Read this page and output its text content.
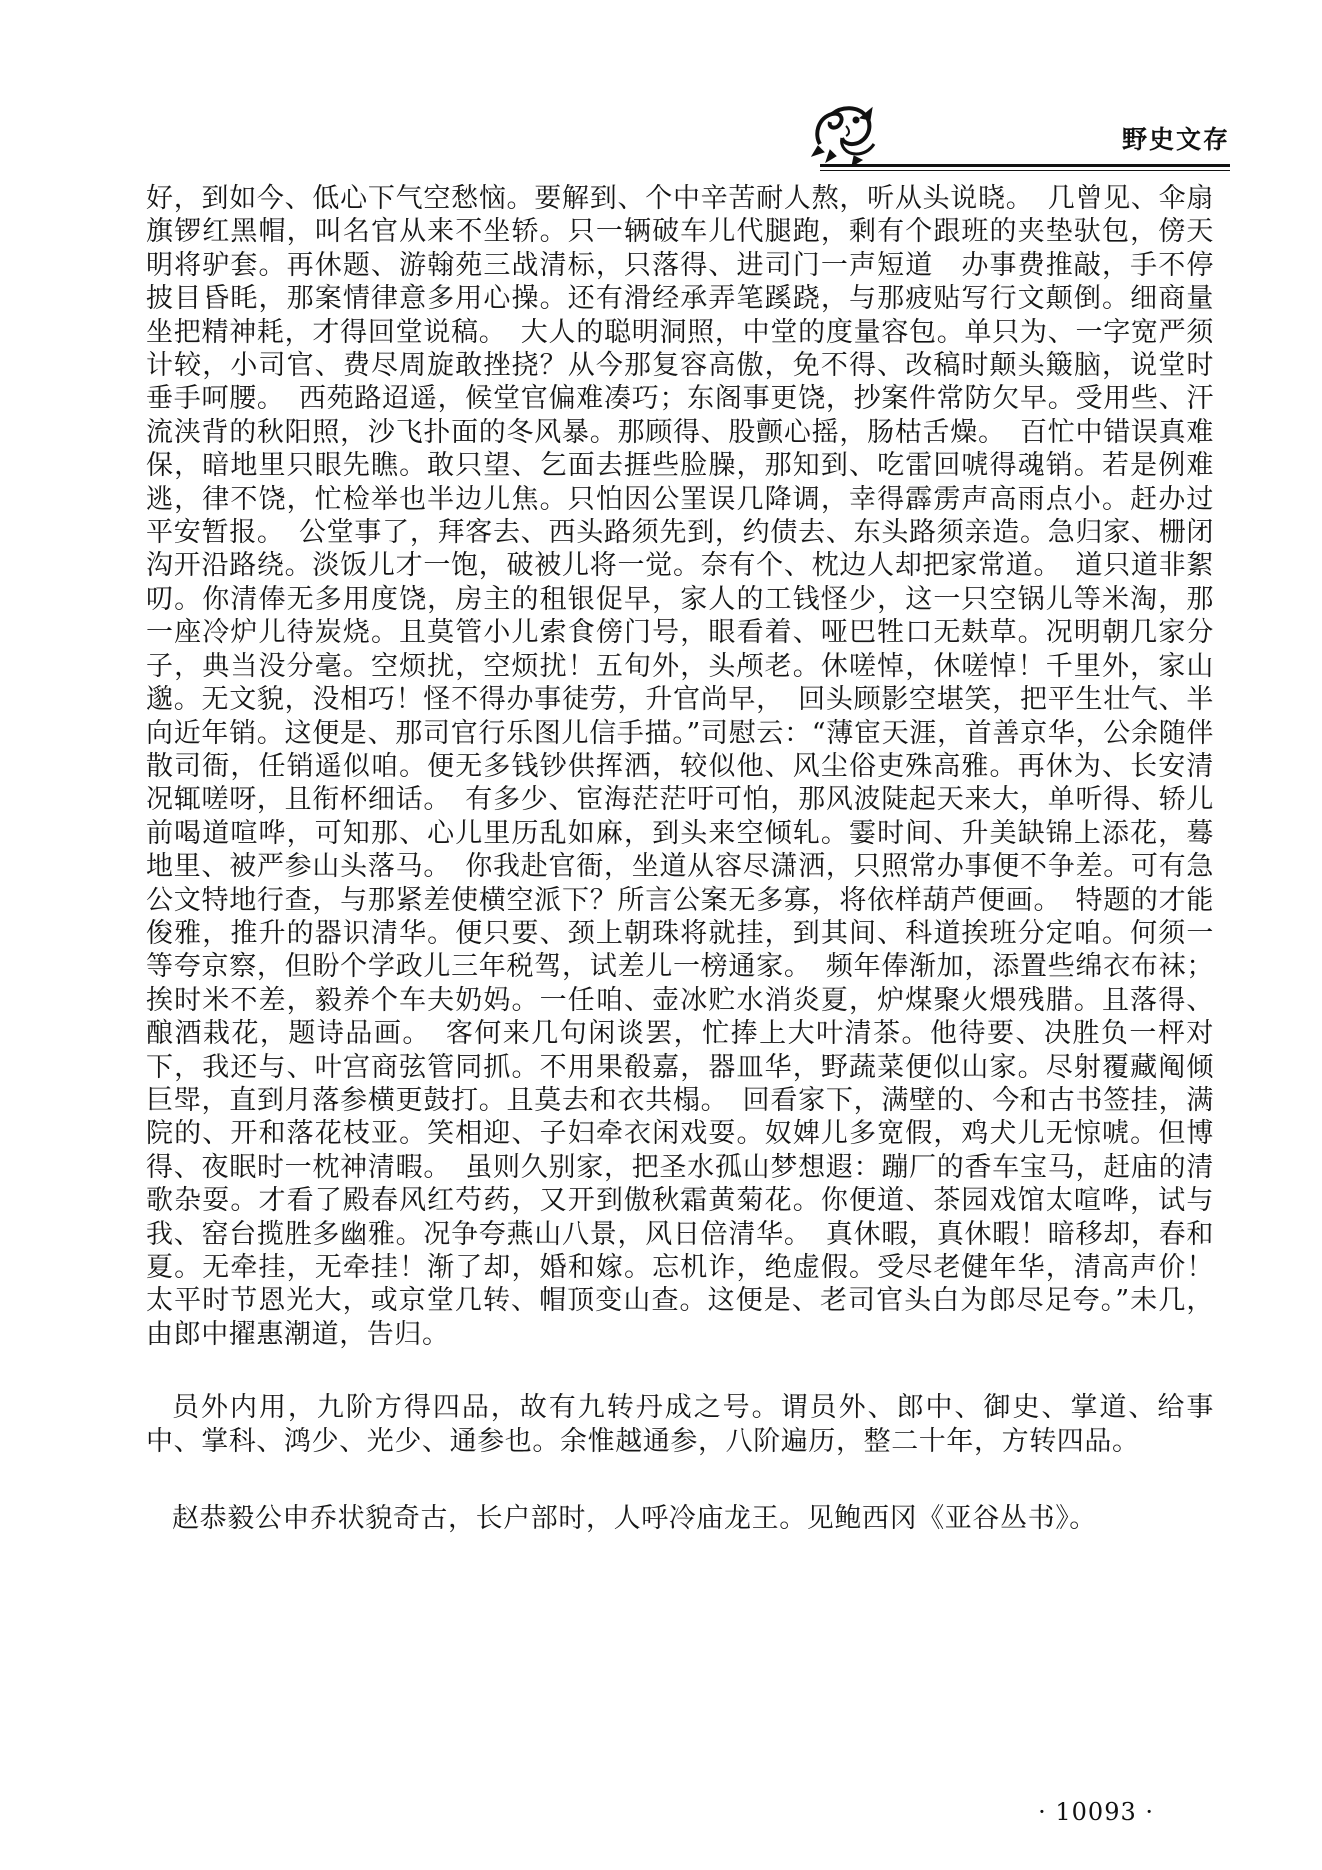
野史文存

好，到如今、低心下气空愁恼。要解到、个中辛苦耐人熬，听从头说晓。　几曾见、伞扇旗锣红黑帽，叫名官从来不坐轿。只一辆破车儿代腿跑，剩有个跟班的夹垫驮包，傍天明将驴套。再休题、游翰苑三战清标，只落得、进司门一声短道　办事费推敲，手不停披目昏眊，那案情律意多用心操。还有滑经承弄笔蹊跷，与那疲贴写行文颠倒。细商量坐把精神耗，才得回堂说稿。　大人的聪明洞照，中堂的度量容包。单只为、一字宽严须计较，小司官、费尽周旋敢挫挠？从今那复容高傲，免不得、改稿时颠头簸脑，说堂时垂手呵腰。　西苑路迢遥，候堂官偏难凑巧；东阁事更饶，抄案件常防欠早。受用些、汗流浃背的秋阳照，沙飞扑面的冬风暴。那顾得、股颤心摇，肠枯舌燥。　百忙中错误真难保，暗地里只眼先瞧。敢只望、乞面去捱些脸臊，那知到、吃雷回唬得魂销。若是例难逃，律不饶，忙检举也半边儿焦。只怕因公罣误几降调，幸得霹雳声高雨点小。赶办过平安暂报。　公堂事了，拜客去、西头路须先到，约债去、东头路须亲造。急归家、栅闭沟开沿路绕。淡饭儿才一饱，破被儿将一觉。奈有个、枕边人却把家常道。　道只道非絮叨。你清俸无多用度饶，房主的租银促早，家人的工钱怪少，这一只空锅儿等米淘，那一座冷炉儿待炭烧。且莫管小儿索食傍门号，眼看着、哑巴牲口无麸草。况明朝几家分子，典当没分毫。空烦扰，空烦扰！五旬外，头颅老。休嗟悼，休嗟悼！千里外，家山邈。无文貌，没相巧！怪不得办事徒劳，升官尚早，　回头顾影空堪笑，把平生壮气、半向近年销。这便是、那司官行乐图儿信手描。”司慰云：“薄宦天涯，首善京华，公余随伴散司衙，任销遥似咱。便无多钱钞供挥洒，较似他、风尘俗吏殊高雅。再休为、长安清况辄嗟呀，且衔杯细话。　有多少、宦海茫茫吁可怕，那风波陡起天来大，单听得、轿儿前喝道喧哗，可知那、心儿里历乱如麻，到头来空倾轧。霎时间、升美缺锦上添花，蓦地里、被严参山头落马。　你我赴官衙，坐道从容尽潇洒，只照常办事便不争差。可有急公文特地行查，与那紧差使横空派下？所言公案无多寡，将依样葫芦便画。　特题的才能俊雅，推升的器识清华。便只要、颈上朝珠将就挂，到其间、科道挨班分定咱。何须一等夸京察，但盼个学政儿三年税驾，试差儿一榜通家。　频年俸渐加，添置些绵衣布袜；挨时米不差，毅养个车夫奶妈。一任咱、壶冰贮水消炎夏，炉煤聚火煨残腊。且落得、酿酒栽花，题诗品画。　客何来几句闲谈罢，忙捧上大叶清茶。他待要、决胜负一枰对下，我还与、叶宫商弦管同抓。不用果殽嘉，器皿华，野蔬菜便似山家。尽射覆藏阄倾巨斝，直到月落参横更鼓打。且莫去和衣共榻。　回看家下，满壁的、今和古书签挂，满院的、开和落花枝亚。笑相迎、子妇牵衣闲戏耍。奴婢儿多宽假，鸡犬儿无惊唬。但博得、夜眠时一枕神清暇。　虽则久别家，把圣水孤山梦想遐：蹦厂的香车宝马，赶庙的清歌杂耍。才看了殿春风红芍药，又开到傲秋霜黄菊花。你便道、茶园戏馆太喧哗，试与我、窑台揽胜多幽雅。况争夸燕山八景，风日倍清华。　真休暇，真休暇！暗移却，春和夏。无牵挂，无牵挂！渐了却，婚和嫁。忘机诈，绝虚假。受尽老健年华，清高声价！　太平时节恩光大，或京堂几转、帽顶变山查。这便是、老司官头白为郎尽足夸。”未几，由郎中擢惠潮道，告归。

员外内用，九阶方得四品，故有九转丹成之号。谓员外、郎中、御史、掌道、给事中、掌科、鸿少、光少、通参也。余惟越通参，八阶遍历，整二十年，方转四品。

赵恭毅公申乔状貌奇古，长户部时，人呼冷庙龙王。见鲍西冈《亚谷丛书》。

· 10093 ·
